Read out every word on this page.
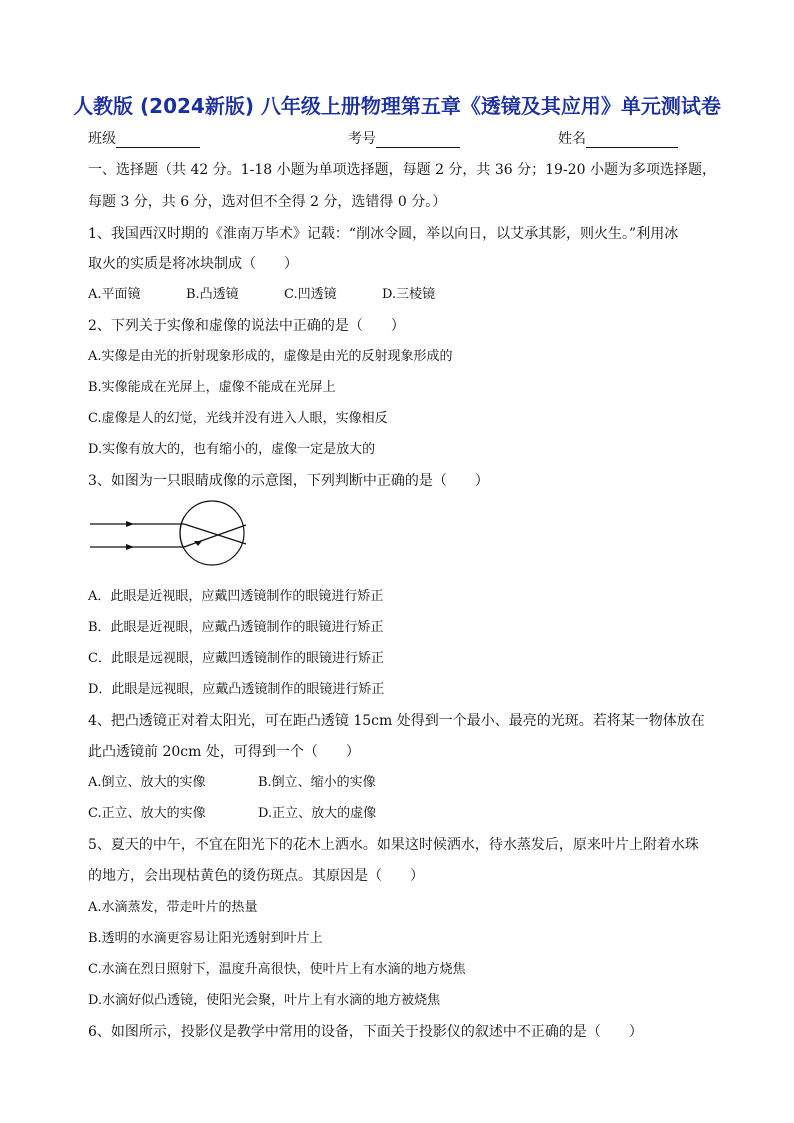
人教版 (2024新版) 八年级上册物理第五章《透镜及其应用》单元测试卷
班级	考号	姓名
一、选择题（共 42 分。1-18 小题为单项选择题，每题 2 分，共 36 分；19-20 小题为多项选择题，
每题 3 分，共 6 分，选对但不全得 2 分，选错得 0 分。）
1、我国西汉时期的《淮南万毕术》记载：“削冰令圆，举以向日，以艾承其影，则火生。”利用冰
取火的实质是将冰块制成（　　）
A.平面镜	B.凸透镜	C.凹透镜	D.三棱镜
2、下列关于实像和虚像的说法中正确的是（　　）
A.实像是由光的折射现象形成的，虚像是由光的反射现象形成的
B.实像能成在光屏上，虚像不能成在光屏上
C.虚像是人的幻觉，光线并没有进入人眼，实像相反
D.实像有放大的，也有缩小的，虚像一定是放大的
3、如图为一只眼睛成像的示意图，下列判断中正确的是（　　）
A．此眼是近视眼，应戴凹透镜制作的眼镜进行矫正
B．此眼是近视眼，应戴凸透镜制作的眼镜进行矫正
C．此眼是远视眼，应戴凹透镜制作的眼镜进行矫正
D．此眼是远视眼，应戴凸透镜制作的眼镜进行矫正
4、把凸透镜正对着太阳光，可在距凸透镜 15cm 处得到一个最小、最亮的光斑。若将某一物体放在
此凸透镜前 20cm 处，可得到一个（　　）
A.倒立、放大的实像	B.倒立、缩小的实像
C.正立、放大的实像	D.正立、放大的虚像
5、夏天的中午，不宜在阳光下的花木上洒水。如果这时候洒水，待水蒸发后，原来叶片上附着水珠
的地方，会出现枯黄色的烫伤斑点。其原因是（　　）
A.水滴蒸发，带走叶片的热量
B.透明的水滴更容易让阳光透射到叶片上
C.水滴在烈日照射下，温度升高很快，使叶片上有水滴的地方烧焦
D.水滴好似凸透镜，使阳光会聚，叶片上有水滴的地方被烧焦
6、如图所示，投影仪是教学中常用的设备，下面关于投影仪的叙述中不正确的是（　　）
